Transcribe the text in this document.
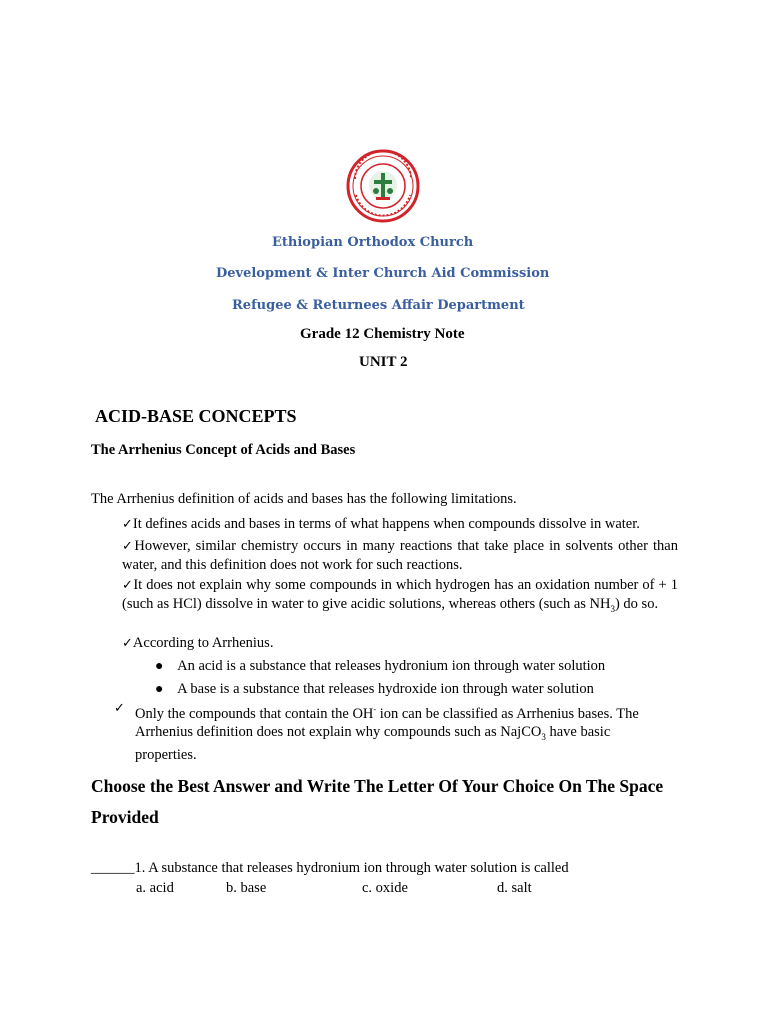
Ethiopian Orthodox Church
Development & Inter Church Aid Commission
Refugee & Returnees Affair Department
Grade 12 Chemistry Note
UNIT 2
ACID-BASE CONCEPTS
The Arrhenius Concept of Acids and Bases
The Arrhenius definition of acids and bases has the following limitations.
✓It defines acids and bases in terms of what happens when compounds dissolve in water.
✓However, similar chemistry occurs in many reactions that take place in solvents other than water, and this definition does not work for such reactions.
✓It does not explain why some compounds in which hydrogen has an oxidation number of + 1 (such as HCl) dissolve in water to give acidic solutions, whereas others (such as $NH_3$) do so.
✓According to Arrhenius.
● An acid is a substance that releases hydronium ion through water solution
● A base is a substance that releases hydroxide ion through water solution
✓ Only the compounds that contain the OH- ion can be classified as Arrhenius bases. The Arrhenius definition does not explain why compounds such as NajCO$_3$ have basic properties.
Choose the Best Answer and Write The Letter Of Your Choice On The Space
Provided
______1. A substance that releases hydronium ion through water solution is called
a. acid	b. base	c. oxide	d. salt
